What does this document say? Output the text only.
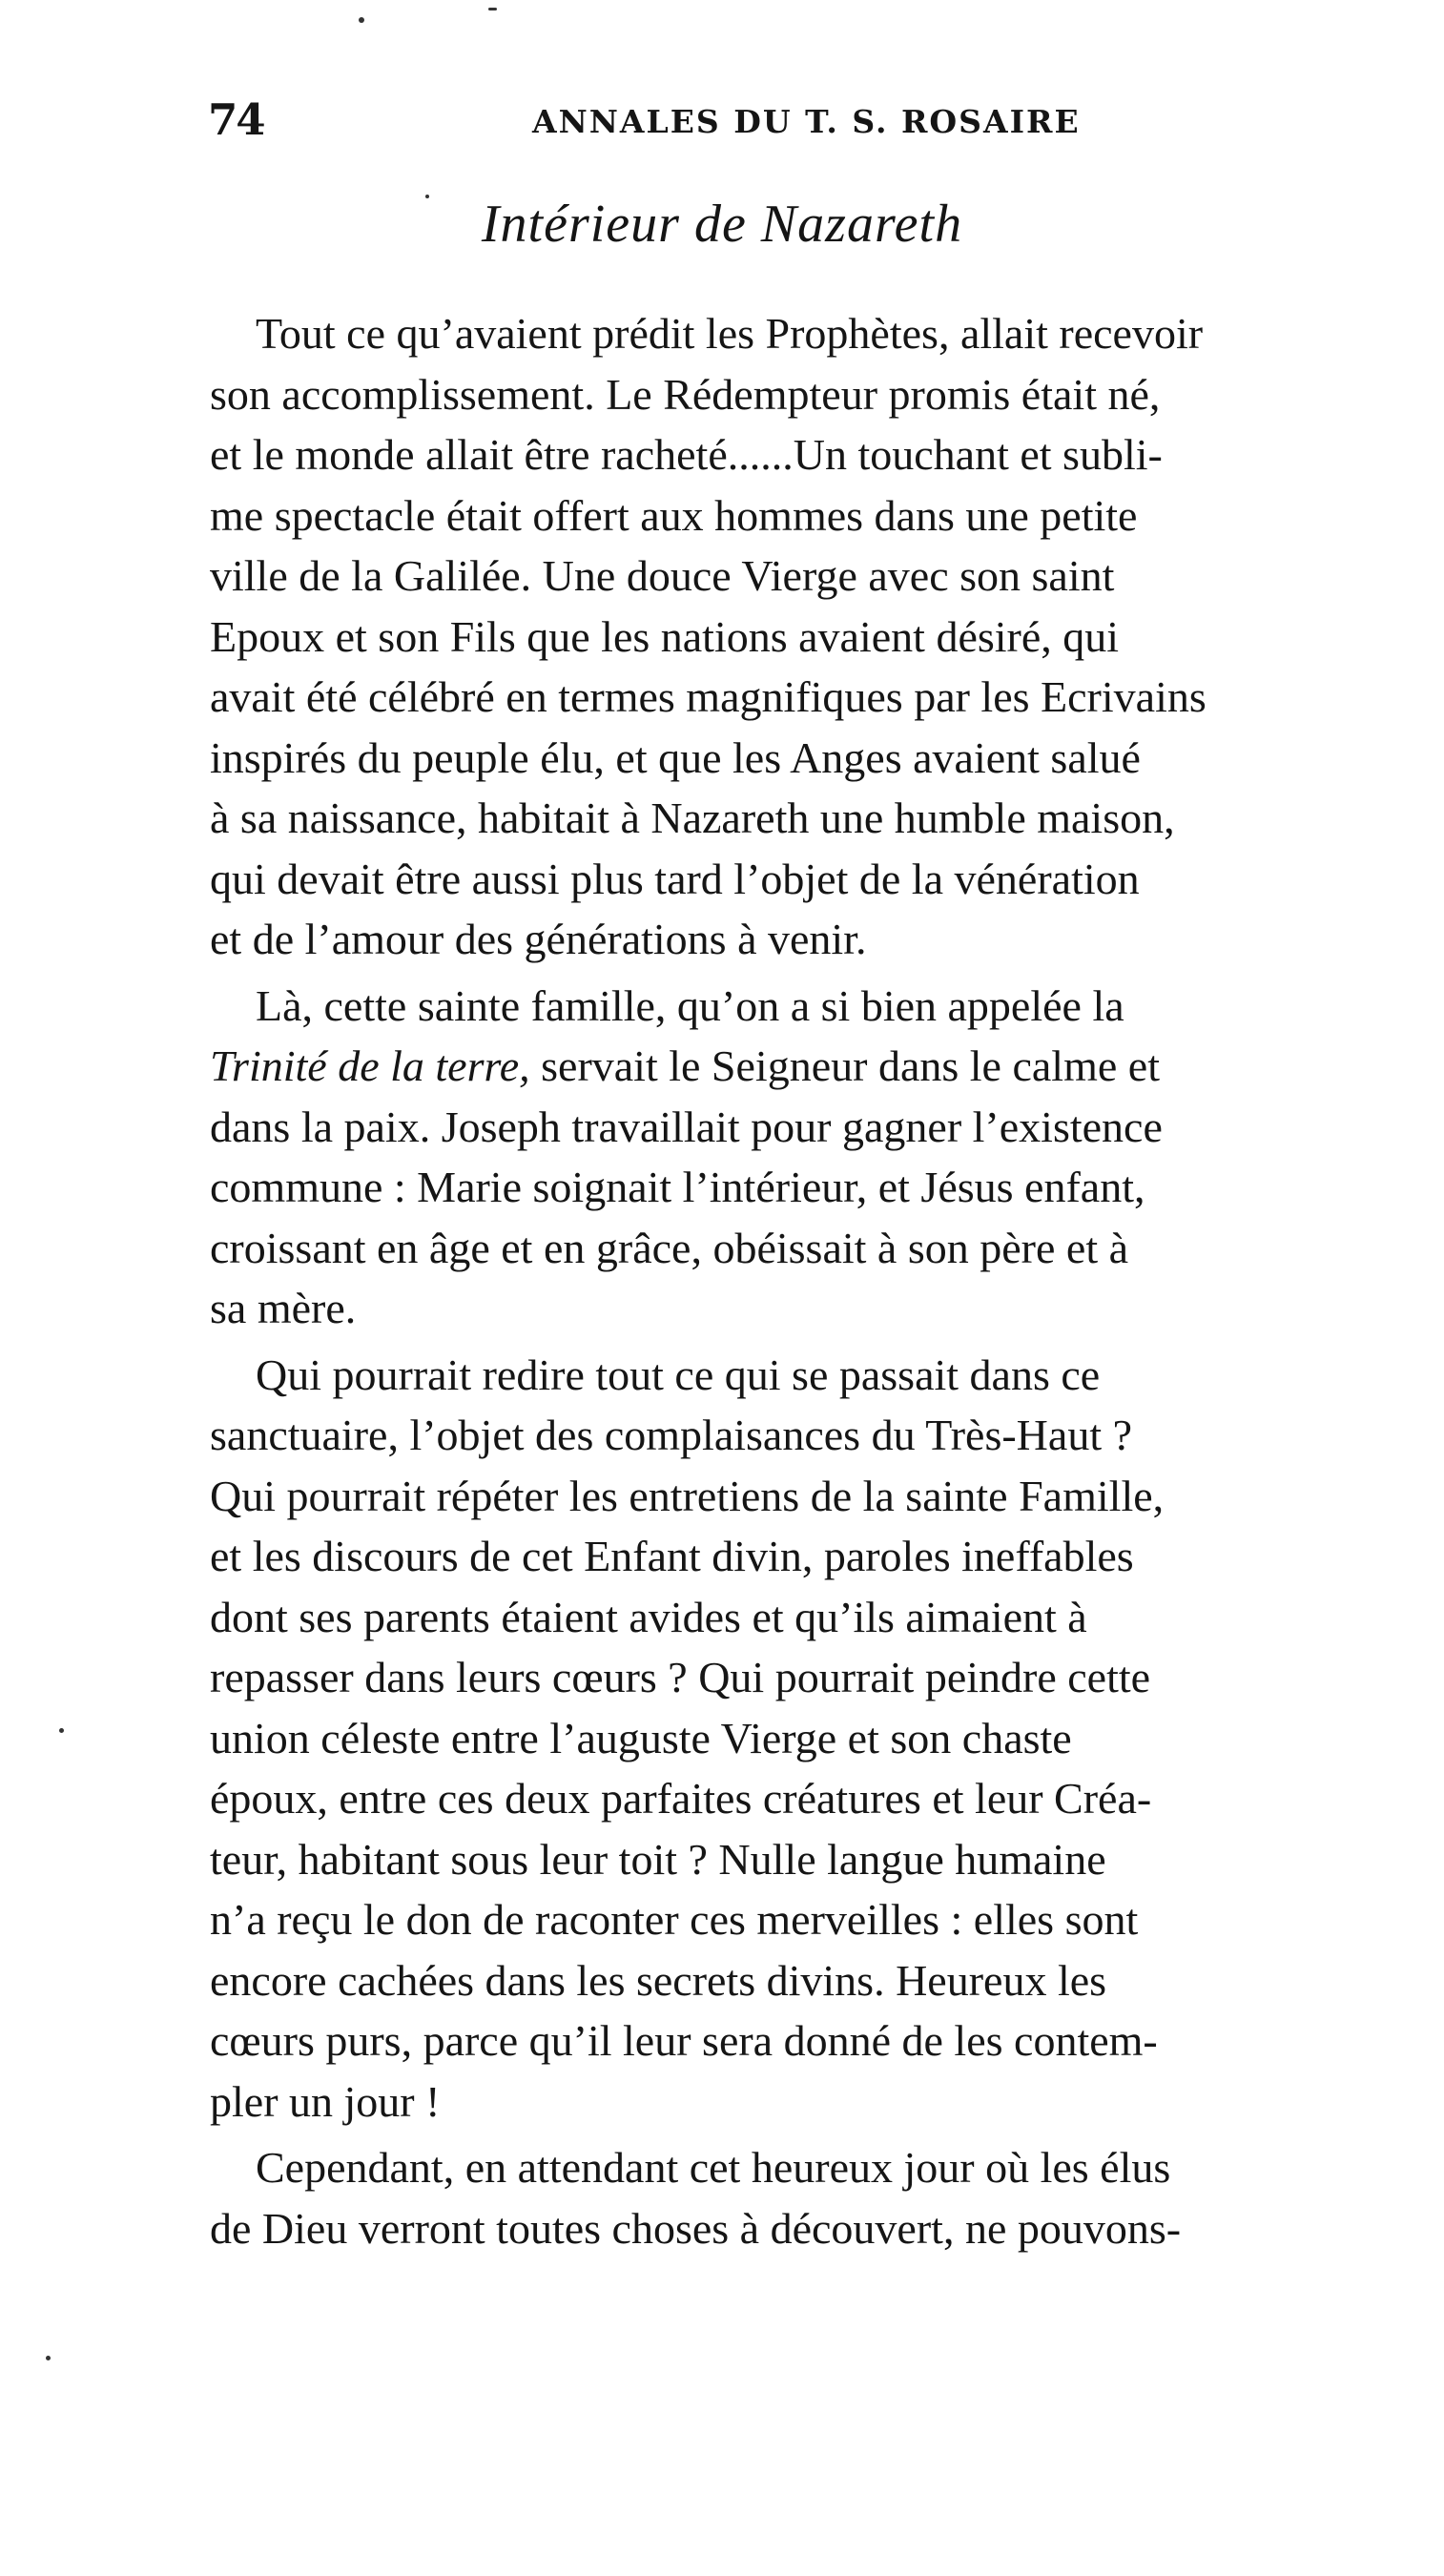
74	ANNALES DU T. S. ROSAIRE
Intérieur de Nazareth
Tout ce qu’avaient prédit les Prophètes, allait recevoir
son accomplissement. Le Rédempteur promis était né,
et le monde allait être racheté......Un touchant et subli-
me spectacle était offert aux hommes dans une petite
ville de la Galilée. Une douce Vierge avec son saint
Epoux et son Fils que les nations avaient désiré, qui
avait été célébré en termes magnifiques par les Ecrivains
inspirés du peuple élu, et que les Anges avaient salué
à sa naissance, habitait à Nazareth une humble maison,
qui devait être aussi plus tard l’objet de la vénération
et de l’amour des générations à venir.
Là, cette sainte famille, qu’on a si bien appelée la
Trinité de la terre, servait le Seigneur dans le calme et
dans la paix. Joseph travaillait pour gagner l’existence
commune : Marie soignait l’intérieur, et Jésus enfant,
croissant en âge et en grâce, obéissait à son père et à
sa mère.
Qui pourrait redire tout ce qui se passait dans ce
sanctuaire, l’objet des complaisances du Très-Haut ?
Qui pourrait répéter les entretiens de la sainte Famille,
et les discours de cet Enfant divin, paroles ineffables
dont ses parents étaient avides et qu’ils aimaient à
repasser dans leurs cœurs ? Qui pourrait peindre cette
union céleste entre l’auguste Vierge et son chaste
époux, entre ces deux parfaites créatures et leur Créa-
teur, habitant sous leur toit ? Nulle langue humaine
n’a reçu le don de raconter ces merveilles : elles sont
encore cachées dans les secrets divins. Heureux les
cœurs purs, parce qu’il leur sera donné de les contem-
pler un jour !
Cependant, en attendant cet heureux jour où les élus
de Dieu verront toutes choses à découvert, ne pouvons-
